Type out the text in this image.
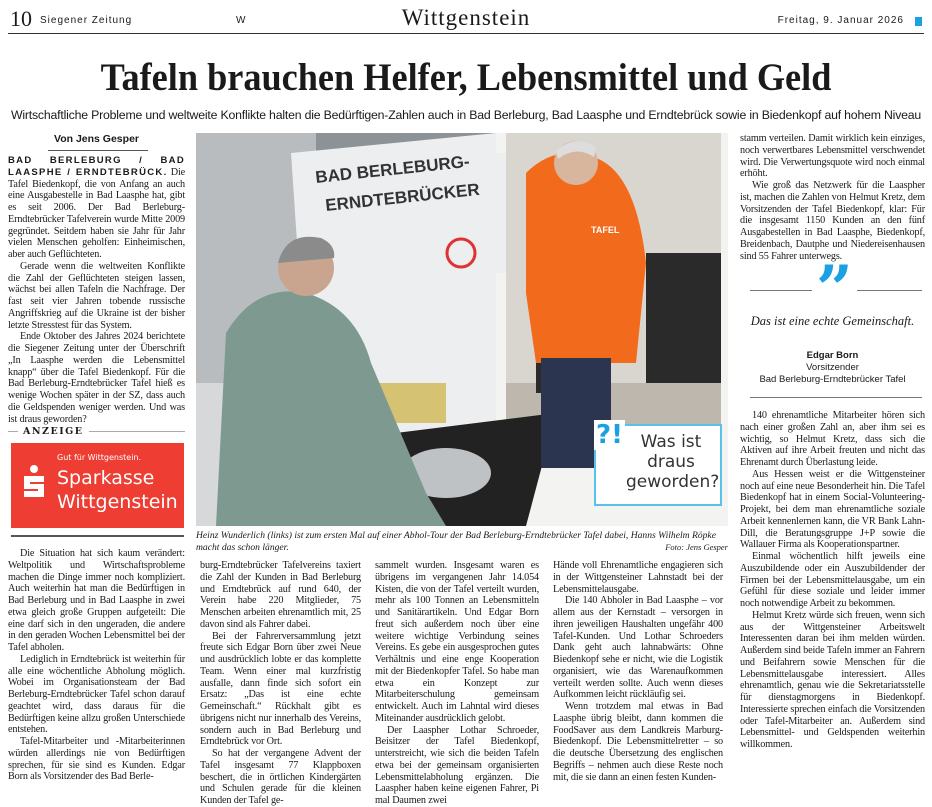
10 Siegener Zeitung	W	Wittgenstein	Freitag, 9. Januar 2026
Tafeln brauchen Helfer, Lebensmittel und Geld
Wirtschaftliche Probleme und weltweite Konflikte halten die Bedürftigen-Zahlen auch in Bad Berleburg, Bad Laasphe und Erndtebrück sowie in Biedenkopf auf hohem Niveau
Von Jens Gesper

BAD BERLEBURG / BAD LAASPHE / ERNDTEBRÜCK. Die Tafel Biedenkopf, die von Anfang an auch eine Ausgabestelle in Bad Laasphe hat, gibt es seit 2006. Der Bad Berleburg-Erndtebrücker Tafelverein wurde Mitte 2009 gegründet. Seitdem haben sie Jahr für Jahr vielen Menschen geholfen: Einheimischen, aber auch Geflüchteten.

Gerade wenn die weltweiten Konflikte die Zahl der Geflüchteten steigen lassen, wächst bei allen Tafeln die Nachfrage. Der fast seit vier Jahren tobende russische Angriffskrieg auf die Ukraine ist der bisher letzte Stresstest für das System.

Ende Oktober des Jahres 2024 berichtete die Siegener Zeitung unter der Überschrift „In Laasphe werden die Lebensmittel knapp“ über die Tafel Biedenkopf. Für die Bad Berleburg-Erndtebrücker Tafel hieß es wenige Wochen später in der SZ, dass auch die Geldspenden weniger werden. Und was ist draus geworden?

ANZEIGE
Gut für Wittgenstein.
Sparkasse Wittgenstein

Die Situation hat sich kaum verändert: Weltpolitik und Wirtschaftsprobleme machen die Dinge immer noch kompliziert. Auch weiterhin hat man die Bedürftigen in Bad Berleburg und in Bad Laasphe in zwei etwa gleich große Gruppen aufgeteilt: Die eine darf sich in den ungeraden, die andere in den geraden Wochen Lebensmittel bei der Tafel abholen.

Lediglich in Erndtebrück ist weiterhin für alle eine wöchentliche Abholung möglich. Wobei im Organisationsteam der Bad Berleburg-Erndtebrücker Tafel schon darauf geachtet wird, dass daraus für die Bedürftigen keine allzu großen Unterschiede entstehen.

Tafel-Mitarbeiter und -Mitarbeiterinnen würden allerdings nie von Bedürftigen sprechen, für sie sind es Kunden. Edgar Born als Vorsitzender des Bad Berle-

BAD BERLEBURG-
ERNDTEBRÜCKER
TAFEL
?!	Was ist draus geworden?
Heinz Wunderlich (links) ist zum ersten Mal auf einer Abhol-Tour der Bad Berleburg-Erndtebrücker Tafel dabei, Hanns Wilhelm Röpke macht das schon länger.	Foto: Jens Gesper

burg-Erndtebrücker Tafelvereins taxiert die Zahl der Kunden in Bad Berleburg und Erndtebrück auf rund 640, der Verein habe 220 Mitglieder, 75 Menschen arbeiten ehrenamtlich mit, 25 davon sind als Fahrer dabei.

Bei der Fahrerversammlung jetzt freute sich Edgar Born über zwei Neue und ausdrücklich lobte er das komplette Team. Wenn einer mal kurzfristig ausfalle, dann finde sich sofort ein Ersatz: „Das ist eine echte Gemeinschaft.“ Rückhalt gibt es übrigens nicht nur innerhalb des Vereins, sondern auch in Bad Berleburg und Erndtebrück vor Ort.

So hat der vergangene Advent der Tafel insgesamt 77 Klappboxen beschert, die in örtlichen Kindergärten und Schulen gerade für die kleinen Kunden der Tafel ge-

sammelt wurden. Insgesamt waren es übrigens im vergangenen Jahr 14.054 Kisten, die von der Tafel verteilt wurden, mehr als 100 Tonnen an Lebensmitteln und Sanitärartikeln. Und Edgar Born freut sich außerdem noch über eine weitere wichtige Verbindung seines Vereins. Es gebe ein ausgesprochen gutes Verhältnis und eine enge Kooperation mit der Biedenkopfer Tafel. So habe man etwa ein Konzept zur Mitarbeiterschulung gemeinsam entwickelt. Auch im Lahntal wird dieses Miteinander ausdrücklich gelobt.

Der Laaspher Lothar Schroeder, Beisitzer der Tafel Biedenkopf, unterstreicht, wie sich die beiden Tafeln etwa bei der gemeinsam organisierten Lebensmittelabholung ergänzen. Die Laaspher haben keine eigenen Fahrer, Pi mal Daumen zwei

Hände voll Ehrenamtliche engagieren sich in der Wittgensteiner Lahnstadt bei der Lebensmittelausgabe.

Die 140 Abholer in Bad Laasphe – vor allem aus der Kernstadt – versorgen in ihren jeweiligen Haushalten ungefähr 400 Tafel-Kunden. Und Lothar Schroeders Dank geht auch lahnabwärts: Ohne Biedenkopf sehe er nicht, wie die Logistik organisiert, wie das Warenaufkommen verteilt werden sollte. Auch wenn dieses Aufkommen leicht rückläufig sei.

Wenn trotzdem mal etwas in Bad Laasphe übrig bleibt, dann kommen die FoodSaver aus dem Landkreis Marburg-Biedenkopf. Die Lebensmittelretter – so die deutsche Übersetzung des englischen Begriffs – nehmen auch diese Reste noch mit, die sie dann an einen festen Kunden-

stamm verteilen. Damit wirklich kein einziges, noch verwertbares Lebensmittel verschwendet wird. Die Verwertungsquote wird noch einmal erhöht.

Wie groß das Netzwerk für die Laaspher ist, machen die Zahlen von Helmut Kretz, dem Vorsitzenden der Tafel Biedenkopf, klar: Für die insgesamt 1150 Kunden an den fünf Ausgabestellen in Bad Laasphe, Biedenkopf, Breidenbach, Dautphe und Niedereisenhausen sind 55 Fahrer unterwegs.

”
Das ist eine echte Gemeinschaft.
Edgar Born
Vorsitzender
Bad Berleburg-Erndtebrücker Tafel

140 ehrenamtliche Mitarbeiter hören sich nach einer großen Zahl an, aber ihm sei es wichtig, so Helmut Kretz, dass sich die Aktiven auf ihre Arbeit freuten und nicht das Ehrenamt durch Überlastung leide.

Aus Hessen weist er die Wittgensteiner noch auf eine neue Besonderheit hin. Die Tafel Biedenkopf hat in einem Social-Volunteering-Projekt, bei dem man ehrenamtliche soziale Arbeit kennenlernen kann, die VR Bank Lahn-Dill, die Beratungsgruppe J+P sowie die Wallauer Firma als Kooperationspartner.

Einmal wöchentlich hilft jeweils eine Auszubildende oder ein Auszubildender der Firmen bei der Lebensmittelausgabe, um ein Gefühl für diese soziale und leider immer noch notwendige Arbeit zu bekommen.

Helmut Kretz würde sich freuen, wenn sich aus der Wittgensteiner Arbeitswelt Interessenten daran bei ihm melden würden. Außerdem sind beide Tafeln immer an Fahrern und Beifahrern sowie Menschen für die Lebensmittelausgabe interessiert. Alles ehrenamtlich, genau wie die Sekretariatsstelle für dienstagmorgens in Biedenkopf. Interessierte sprechen einfach die Vorsitzenden oder Tafel-Mitarbeiter an. Außerdem sind Lebensmittel- und Geldspenden weiterhin willkommen.
